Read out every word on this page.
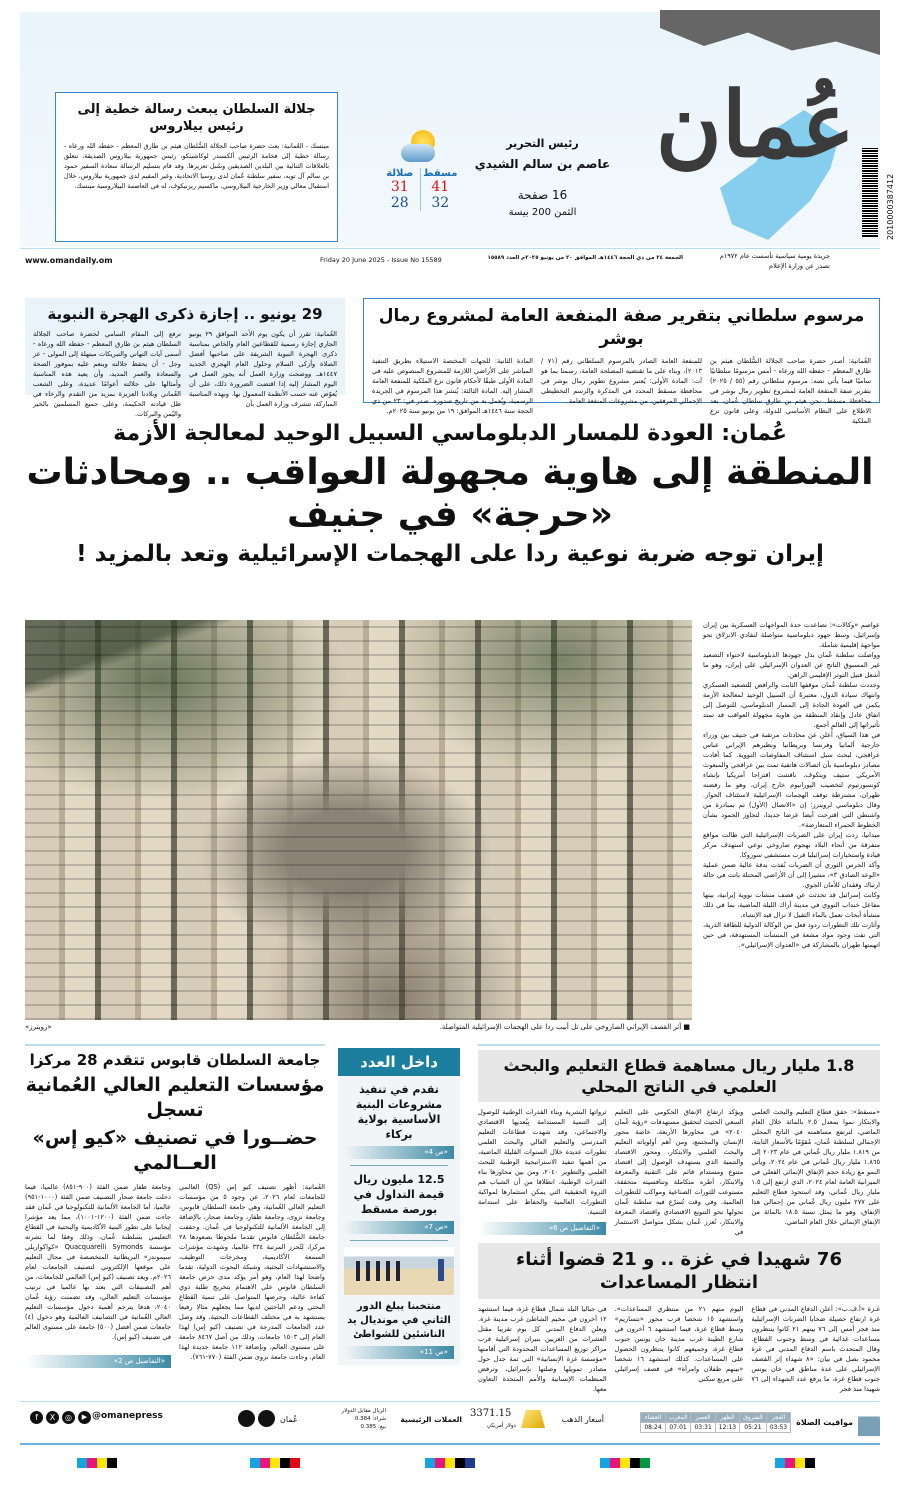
عُمان
2010000387412
رئيس التحرير
عاصم بن سالم الشيدي
16 صفحة
الثمن 200 بيسة
مسقط
41
32
صلالة
31
28
جلالة السلطان يبعث رسالة خطية إلى رئيس بيلاروس
مينسك - العُمانية: بعث حضرة صاحب الجلالة السُّلطان هيثم بن طارق المعظم - حفظه الله ورعاه - رسالة خطية إلى فخامة الرئيس ألكسندر لوكاشينكو، رئيس جمهورية بيلاروس الصديقة، تتعلق بالعلاقات الثنائية بين البلدين الصديقين وسُبل تعزيزها. وقد قام بتسليم الرسالة سعادة السفير حمود بن سالم آل تويه، سفير سلطنة عُمان لدى روسيا الاتحادية، وغير المقيم لدى جمهورية بيلاروس، خلال استقبال معالي وزير الخارجية البيلاروسي، ماكسيم ريزنيكوف، له في العاصمة البيلاروسية مينسك.
www.omandaily.om	Friday 20 June 2025 - Issue No 15589	الجمعة ٢٤ من ذي الحجة ١٤٤٦هـ الموافق ٢٠ من يونيو ٢٠٢٥م العدد ١٥٥٨٩	جريدة يومية سياسية تأسست عام ١٩٧٢م
تصدر عن وزارة الإعلام
مرسوم سلطاني بتقرير صفة المنفعة العامة لمشروع رمال بوشر
العُمانية: أصدر حضرة صاحب الجلالة السُّلطان هيثم بن طارق المعظم - حفظه الله ورعاه - أمس مرسومًا سلطانيًا ساميًا فيما يأتي نصه: مرسوم سلطاني رقم (٥٥ / ٢٠٢٥) بتقرير صفة المنفعة العامة لمشروع تطوير رمال بوشر في محافظة مسقط. نحن هيثم بن طارق سلطان عُمان، بعد الاطلاع على النظام الأساسي للدولة، وعلى قانون نزع الملكية
للمنفعة العامة الصادر بالمرسوم السلطاني رقم (٧١ / ٢٠١٣)، وبناء على ما تقتضيه المصلحة العامة، رسمنا بما هو آت: المادة الأولى: يُعتبر مشروع تطوير رمال بوشر في محافظة مسقط المحدد في المذكرة والرسم التخطيطي الإجمالي المرفقين، من مشروعات المنفعة العامة.
المادة الثانية: للجهات المختصة الاستيلاء بطريق التنفيذ المباشر على الأراضي اللازمة للمشروع المنصوص عليه في المادة الأولى طبقًا لأحكام قانون نزع الملكية للمنفعة العامة المشار إليه. المادة الثالثة: يُنشر هذا المرسوم في الجريدة الرسمية، ويُعمل به من تاريخ صدوره. صدر في: ٢٣ من ذي الحجة سنة ١٤٤٦هـ الموافق: ١٩ من يونيو سنة ٢٠٢٥م.
29 يونيو .. إجازة ذكرى الهجرة النبوية
العُمانية: تقرر أن يكون يوم الأحد الموافق ٢٩ يونيو الجاري إجازة رسمية للقطاعين العام والخاص بمناسبة ذكرى الهجرة النبوية الشريفة على صاحبها أفضل الصلاة وأزكى السلام وحلول العام الهجري الجديد ١٤٤٧هـ. ووضحت وزارة العمل أنه يجوز العمل في اليوم المشار إليه إذا اقتضت الضرورة ذلك، على أن يُعوّض عنه حسب الأنظمة المعمول بها. وبهذه المناسبة المباركة، تتشرف وزارة العمل بأن
ترفع إلى المقام السامي لحضرة صاحب الجلالة السلطان هيثم بن طارق المعظم - حفظه الله ورعاه - أسمى آيات التهاني والتبريكات مبتهلة إلى المولى - عز وجل - أن يحفظ جلالته وينعم عليه بموفور الصحة والسعادة والعمر المديد، وأن يعيد هذه المناسبة وأمثالها على جلالته أعوامًا عديدة، وعلى الشعب العُماني وبلادنا العزيزة بمزيد من التقدم والرخاء في ظل قيادته الحكيمة، وعلى جميع المسلمين بالخير واليُمن والبركات.
عُمان: العودة للمسار الدبلوماسي السبيل الوحيد لمعالجة الأزمة
المنطقة إلى هاوية مجهولة العواقب .. ومحادثات «حرجة» في جنيف
إيران توجه ضربة نوعية ردا على الهجمات الإسرائيلية وتعد بالمزيد !
■ أثر القصف الإيراني الصاروخي على تل أبيب ردا على الهجمات الإسرائيلية المتواصلة.
«رويترز»

عواصم «وكالات»: تصاعدت حدة المواجهات العسكرية بين إيران وإسرائيل، وسط جهود دبلوماسية متواصلة لتفادي الانزلاق نحو مواجهة إقليمية شاملة.

وواصلت سلطنة عُمان بذل جهودها الدبلوماسية لاحتواء التصعيد غير المسبوق الناتج عن العدوان الإسرائيلي على إيران، وهو ما أشعل فتيل التوتر الإقليمي الراهن.

وجددت سلطنة عُمان موقفها الثابت والرافض للتصعيد العسكري وانتهاك سيادة الدول، معتبرةً أن السبيل الوحيد لمعالجة الأزمة يكمن في العودة الجادة إلى المسار الدبلوماسي، للتوصل إلى اتفاق عادل وإنقاذ المنطقة من هاوية مجهولة العواقب قد تمتد تأثيراتها إلى العالم أجمع.

في هذا السياق، أُعلن عن محادثات مرتقبة في جنيف بين وزراء خارجية ألمانيا وفرنسا وبريطانيا ونظيرهم الإيراني عباس عراقجي، لبحث سبل استئناف المفاوضات النووية. كما أفادت مصادر دبلوماسية بأن اتصالات هاتفية تمت بين عراقجي والمبعوث الأمريكي ستيف ويتكوف. ناقشت اقتراحا أمريكيا بإنشاء كونسورتيوم لتخصيب اليورانيوم خارج إيران، وهو ما رفضته طهران، مشترطة توقف الهجمات الإسرائيلية لاستئناف الحوار. وقال دبلوماسي لرويترز: إن «الاتصال (الأول) تم بمبادرة من واشنطن التي اقترحت أيضا عرضا جديدا، لتجاوز الجمود بشأن الخطوط الحمراء المتعارضة».

ميدانيا، ردت إيران على الضربات الإسرائيلية التي طالت مواقع متفرقة من أنحاء البلاد بهجوم صاروخي نوعي استهدف مركز قيادة واستخبارات إسرائيليا قرب مستشفى سوروكا.

وأكد الحرس الثوري أن الضربات نُفذت بدقة عالية ضمن عملية «الوعد الصادق ٣»، مشيرا إلى أن الأراضي المحتلة باتت في حالة ارتباك وفقدان للأمان الجوي.

وكانت إسرائيل قد تحدثت عن قصف منشآت نووية إيرانية، بينها مفاعل خنداب النووي في مدينة أراك الليلة الماضية، بما في ذلك منشأة أبحاث تعمل بالماء الثقيل لا تزال قيد الإنشاء.

وأثارت تلك التطورات ردود فعل من الوكالة الدولية للطاقة الذرية، التي نفت وجود مواد مشعة في المنشآت المستهدفة، في حين اتهمتها طهران بالمشاركة في «العدوان الإسرائيلي».

1.8 مليار ريال مساهمة قطاع التعليم والبحث العلمي في الناتج المحلي
«مسقط»: حقق قطاع التعليم والبحث العلمي والابتكار نموا بمعدل ٢.٥ بالمائة خلال العام الماضي، لترتفع مساهمته في الناتج المحلي الإجمالي لسلطنة عُمان، مُقوّمًا بالأسعار الثابتة، من ١.٨١٩ مليار ريال عُماني في عام ٢٠٢٣ إلى ١.٨٦٥ مليار ريال عُماني في عام ٢٠٢٤، ويأتي النمو مع زيادة حجم الإنفاق الإنمائي الفعلي في الميزانية العامة لعام ٢٠٢٤، الذي ارتفع إلى ١.٥ مليار ريال عُماني، وقد استحوذ قطاع التعليم على ٢٧٧ مليون ريال عُماني من إجمالي هذا الإنفاق، وهو ما يمثل نسبة ١٨.٥ بالمائة من الإنفاق الإنمائي خلال العام الماضي.
ويؤكد ارتفاع الإنفاق الحكومي على التعليم السعي الحثيث لتحقيق مستهدفات «رؤية عُمان ٢٠٤٠» في محاورها الأربعة، خاصة محور الإنسان والمجتمع، ومن أهم أولوياته التعليم والبحث العلمي والابتكار، ومحور الاقتصاد والتنمية الذي يستهدف الوصول إلى اقتصاد متنوع ومستدام قائم على التقنية والمعرفة والابتكار، أطره متكاملة وتنافسيته متحققة، مستوعب للثورات الصناعية ومواكب للتطورات العالمية. وفي وقت تُسرّع فيه سلطنة عُمان تحولها نحو التنويع الاقتصادي واقتصاد المعرفة والابتكار، تُعزز عُمان بشكل متواصل الاستثمار في
ثرواتها البشرية وبناء القدرات الوطنية للوصول إلى التنمية المستدامة بِبُعديها الاقتصادي والاجتماعي، وقد شهدت قطاعات التعليم المدرسي والتعليم العالي والبحث العلمي تطورات عديدة خلال السنوات القليلة الماضية، من أهمها تنفيذ الاستراتيجية الوطنية للبحث العلمي والتطوير ٢٠٤٠، ومن بين محاورها بناء القدرات الوطنية، انطلاقا من أن الشباب هم الثروة الحقيقية التي يمكن استثمارها لمواكبة التطورات العالمية والحفاظ على استدامة التنمية.
«التفاصيل ص 6»
76 شهيدا في غزة .. و 21 قضوا أثناء انتظار المساعدات
غـزة «أ.ف.ب»: أعلن الدفاع المدني في قطاع غزة ارتفاع حصيلة ضحايا الضربات الإسرائيلية منذ فجر أمس إلى ٧٦ بينهم ٢١ كانوا ينتظرون مساعدات غذائية في وسط وجنوب القطاع. وقال المتحدث باسم الدفاع المدني في غزة محمود بصل في بيان: «٨ شهداء إثر القصف الإسرائيلي على عدة مناطق في خان يونس جنوب قطاع غزة، ما يرفع عدد الشهداء إلى ٧٦ شهيدا منذ فجر
اليوم منهم ٢١ من منتظري المساعدات». واستشهد ١٥ شخصا قرب محور «نتساريم» وسط قطاع غزة، فيما استشهد ٦ آخرون في شارع الطينة غرب مدينة خان يونس جنوب قطاع غزة، وجميعهم كانوا ينتظرون الحصول على المساعدات. كذلك استشهد ١٦ شخصا «بينهم طفلان وامرأة» في قصف إسرائيلي على مربع سكني
في جباليا البلد شمال قطاع غزة، فيما استشهد ١٢ آخرون في مخيم الشاطئ غرب مدينة غزة. ويعلن الدفاع المدني كل يوم تقريبا مقتل العشرات من الغزيين بنيران إسرائيلية قرب مراكز توزيع المساعدات المحدودة التي أقامتها «مؤسسة غزة الإنسانية» التي ثمة جدل حول مصادر تمويلها وصلتها بإسرائيل، وترفض المنظمات الإنسانية والأمم المتحدة التعاون معها.
داخل العدد
تقدم في تنفيذ مشروعات البنية الأساسية بولاية بركاء
«ص 4»
12.5 مليون ريال قيمة التداول في بورصة مسقط
«ص 7»
منتخبنا يبلغ الدور الثاني في مونديال يد الناشئين للشواطئ
«ص 11»
جامعة السلطان قابوس تتقدم 28 مركزا
مؤسسات التعليم العالي العُمانية تسجل
حضــورا في تصنيف «كيو إس» العــالمي
العُمانية: أظهر تصنيف كيو إس (QS) العالمي للجامعات لعام ٢٠٢٦، عن وجود ٥ من مؤسسات التعليم العالي العُمانية، وهي جامعة السلطان قابوس، وجامعة نزوى، وجامعة ظفار، وجامعة صحار، بالإضافة إلى الجامعة الألمانية للتكنولوجيا في عُمان. وحققت جامعة السُّلطان قابوس تقدما ملحوظا بصعودها ٢٨ مركزا، لتُحرز المرتبة ٣٣٤ عالميا، وشهدت مؤشرات السمعة الأكاديمية، ومخرجات التوظيف، والاستشهادات البحثية، وشبكة البحوث الدولية، تقدما واضحا لهذا العام، وهو أمر يؤكد مدى حرص جامعة السلطان قابوس على الاهتمام بتخريج طلبة ذوي كفاءة عالية، وحرصها المتواصل على تنمية القطاع البحثي ودعم الباحثين لديها مما يجعلهم مثالا رفيعا يستشهد به في مختلف القطاعات البحثية. وقد وصل عدد الجامعات المدرجة في تصنيف (كيو إس) لهذا العام إلى ١٥٠٣ جامعات، وذلك من أصل ٨٤٦٧ جامعة على مستوى العالم، وبإضافة ١١٢ جامعة جديدة لهذا العام. وجاءت جامعة نزوى ضمن الفئة (٧٧٠-٧٦١).
وجامعة ظفار ضمن الفئة (٩٠٠-٨٥١) عالميا، فيما دخلت جامعة صحار التصنيف ضمن الفئة (١٠٠٠-٩٥١) عالميا، أما الجامعة الألمانية للتكنولوجيا في عُمان فقد جاءت ضمن الفئة (١٢٠٠-١٠٠١)، مما يعد مؤشرا إيجابيا على تطور البنية الأكاديمية والبحثية في القطاع التعليمي بسلطنة عُمان، وذلك وفقا لما نشرته مؤسسة Quacquarelli Symonds «كواكواريلي سيموندز» البريطانية المتخصصة في مجال التعليم على موقعها الإلكتروني لتصنيف الجامعات لعام ٢٠٢٦م. ويعد تصنيف (كيو إس) العالمي للجامعات، من أهم التصنيفات التي يعتد بها عالميا في ترتيب مؤسسات التعليم العالي، وقد تضمنت رؤية عُمان ٢٠٤٠، هدفا يترجم أهمية دخول مؤسسات التعليم العالي العُمانية في التصانيف العالمية وهو دخول (٤) جامعات ضمن أفضل (٥٠٠) جامعة على مستوى العالم في تصنيف (كيو إس).
«التفاصيل ص 2»
مواقيت الصلاة
الفجر	الشروق	الظهر	العصر	المغرب	العشاء
03:53	05:21	12:13	03:31	07:01	08:24
أسعار الذهب
3371.15
دولار أمريكي
العملات الرئيسية
الريال مقابل الدولار
شراء: 0.384
بيع: 0.385
عُمان
f	X	◎	▶ @omanepress
